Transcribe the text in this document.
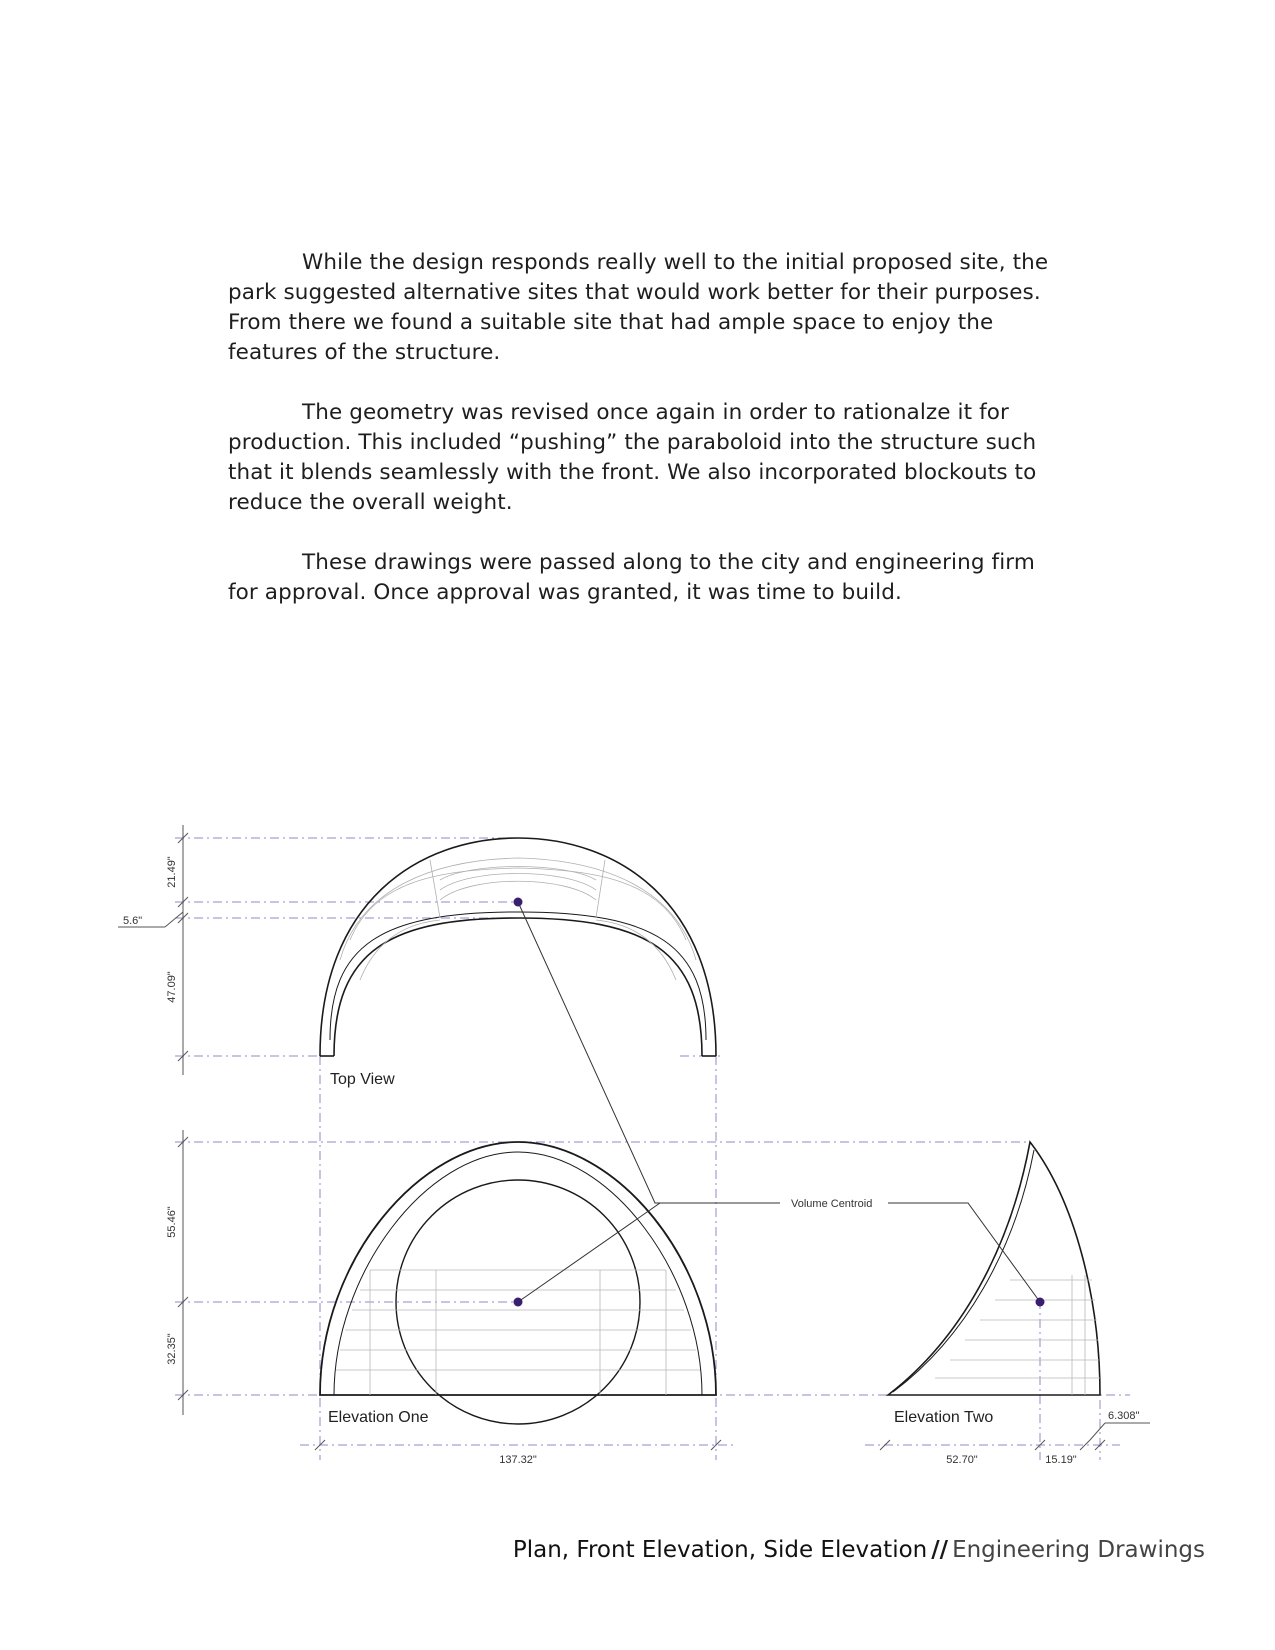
While the design responds really well to the initial proposed site, the park suggested alternative sites that would work better for their purposes. From there we found a suitable site that had ample space to enjoy the features of the structure.

The geometry was revised once again in order to rationalze it for production. This included “pushing” the paraboloid into the structure such that it blends seamlessly with the front. We also incorporated blockouts to reduce the overall weight.

These drawings were passed along to the city and engineering firm for approval. Once approval was granted, it was time to build.

Top View
Elevation One	Elevation Two
Volume Centroid
21.49"
5.6"
47.09"
55.46"
32.35"
137.32"	52.70"	15.19"
6.308"
Plan, Front Elevation, Side Elevation // Engineering Drawings
